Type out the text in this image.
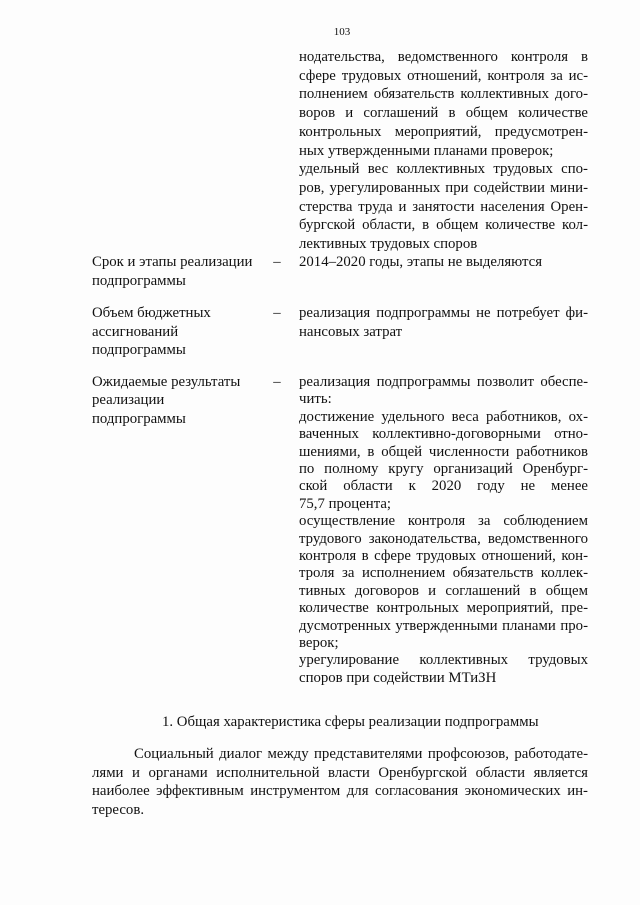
103
нодательства, ведомственного контроля в
сфере трудовых отношений, контроля за ис-
полнением обязательств коллективных дого-
воров и соглашений в общем количестве
контрольных мероприятий, предусмотрен-
ных утвержденными планами проверок;
удельный вес коллективных трудовых спо-
ров, урегулированных при содействии мини-
стерства труда и занятости населения Орен-
бургской области, в общем количестве кол-
лективных трудовых споров
Срок и этапы реализации
подпрограммы
– 2014–2020 годы, этапы не выделяются
Объем бюджетных
ассигнований
подпрограммы
– реализация подпрограммы не потребует фи-
нансовых затрат
Ожидаемые результаты
реализации
подпрограммы
– реализация подпрограммы позволит обеспе-
чить:
достижение удельного веса работников, ох-
ваченных коллективно-договорными отно-
шениями, в общей численности работников
по полному кругу организаций Оренбург-
ской области к 2020 году не менее
75,7 процента;
осуществление контроля за соблюдением
трудового законодательства, ведомственного
контроля в сфере трудовых отношений, кон-
троля за исполнением обязательств коллек-
тивных договоров и соглашений в общем
количестве контрольных мероприятий, пре-
дусмотренных утвержденными планами про-
верок;
урегулирование коллективных трудовых
споров при содействии МТиЗН
1. Общая характеристика сферы реализации подпрограммы
Социальный диалог между представителями профсоюзов, работодате-
лями и органами исполнительной власти Оренбургской области является
наиболее эффективным инструментом для согласования экономических ин-
тересов.
